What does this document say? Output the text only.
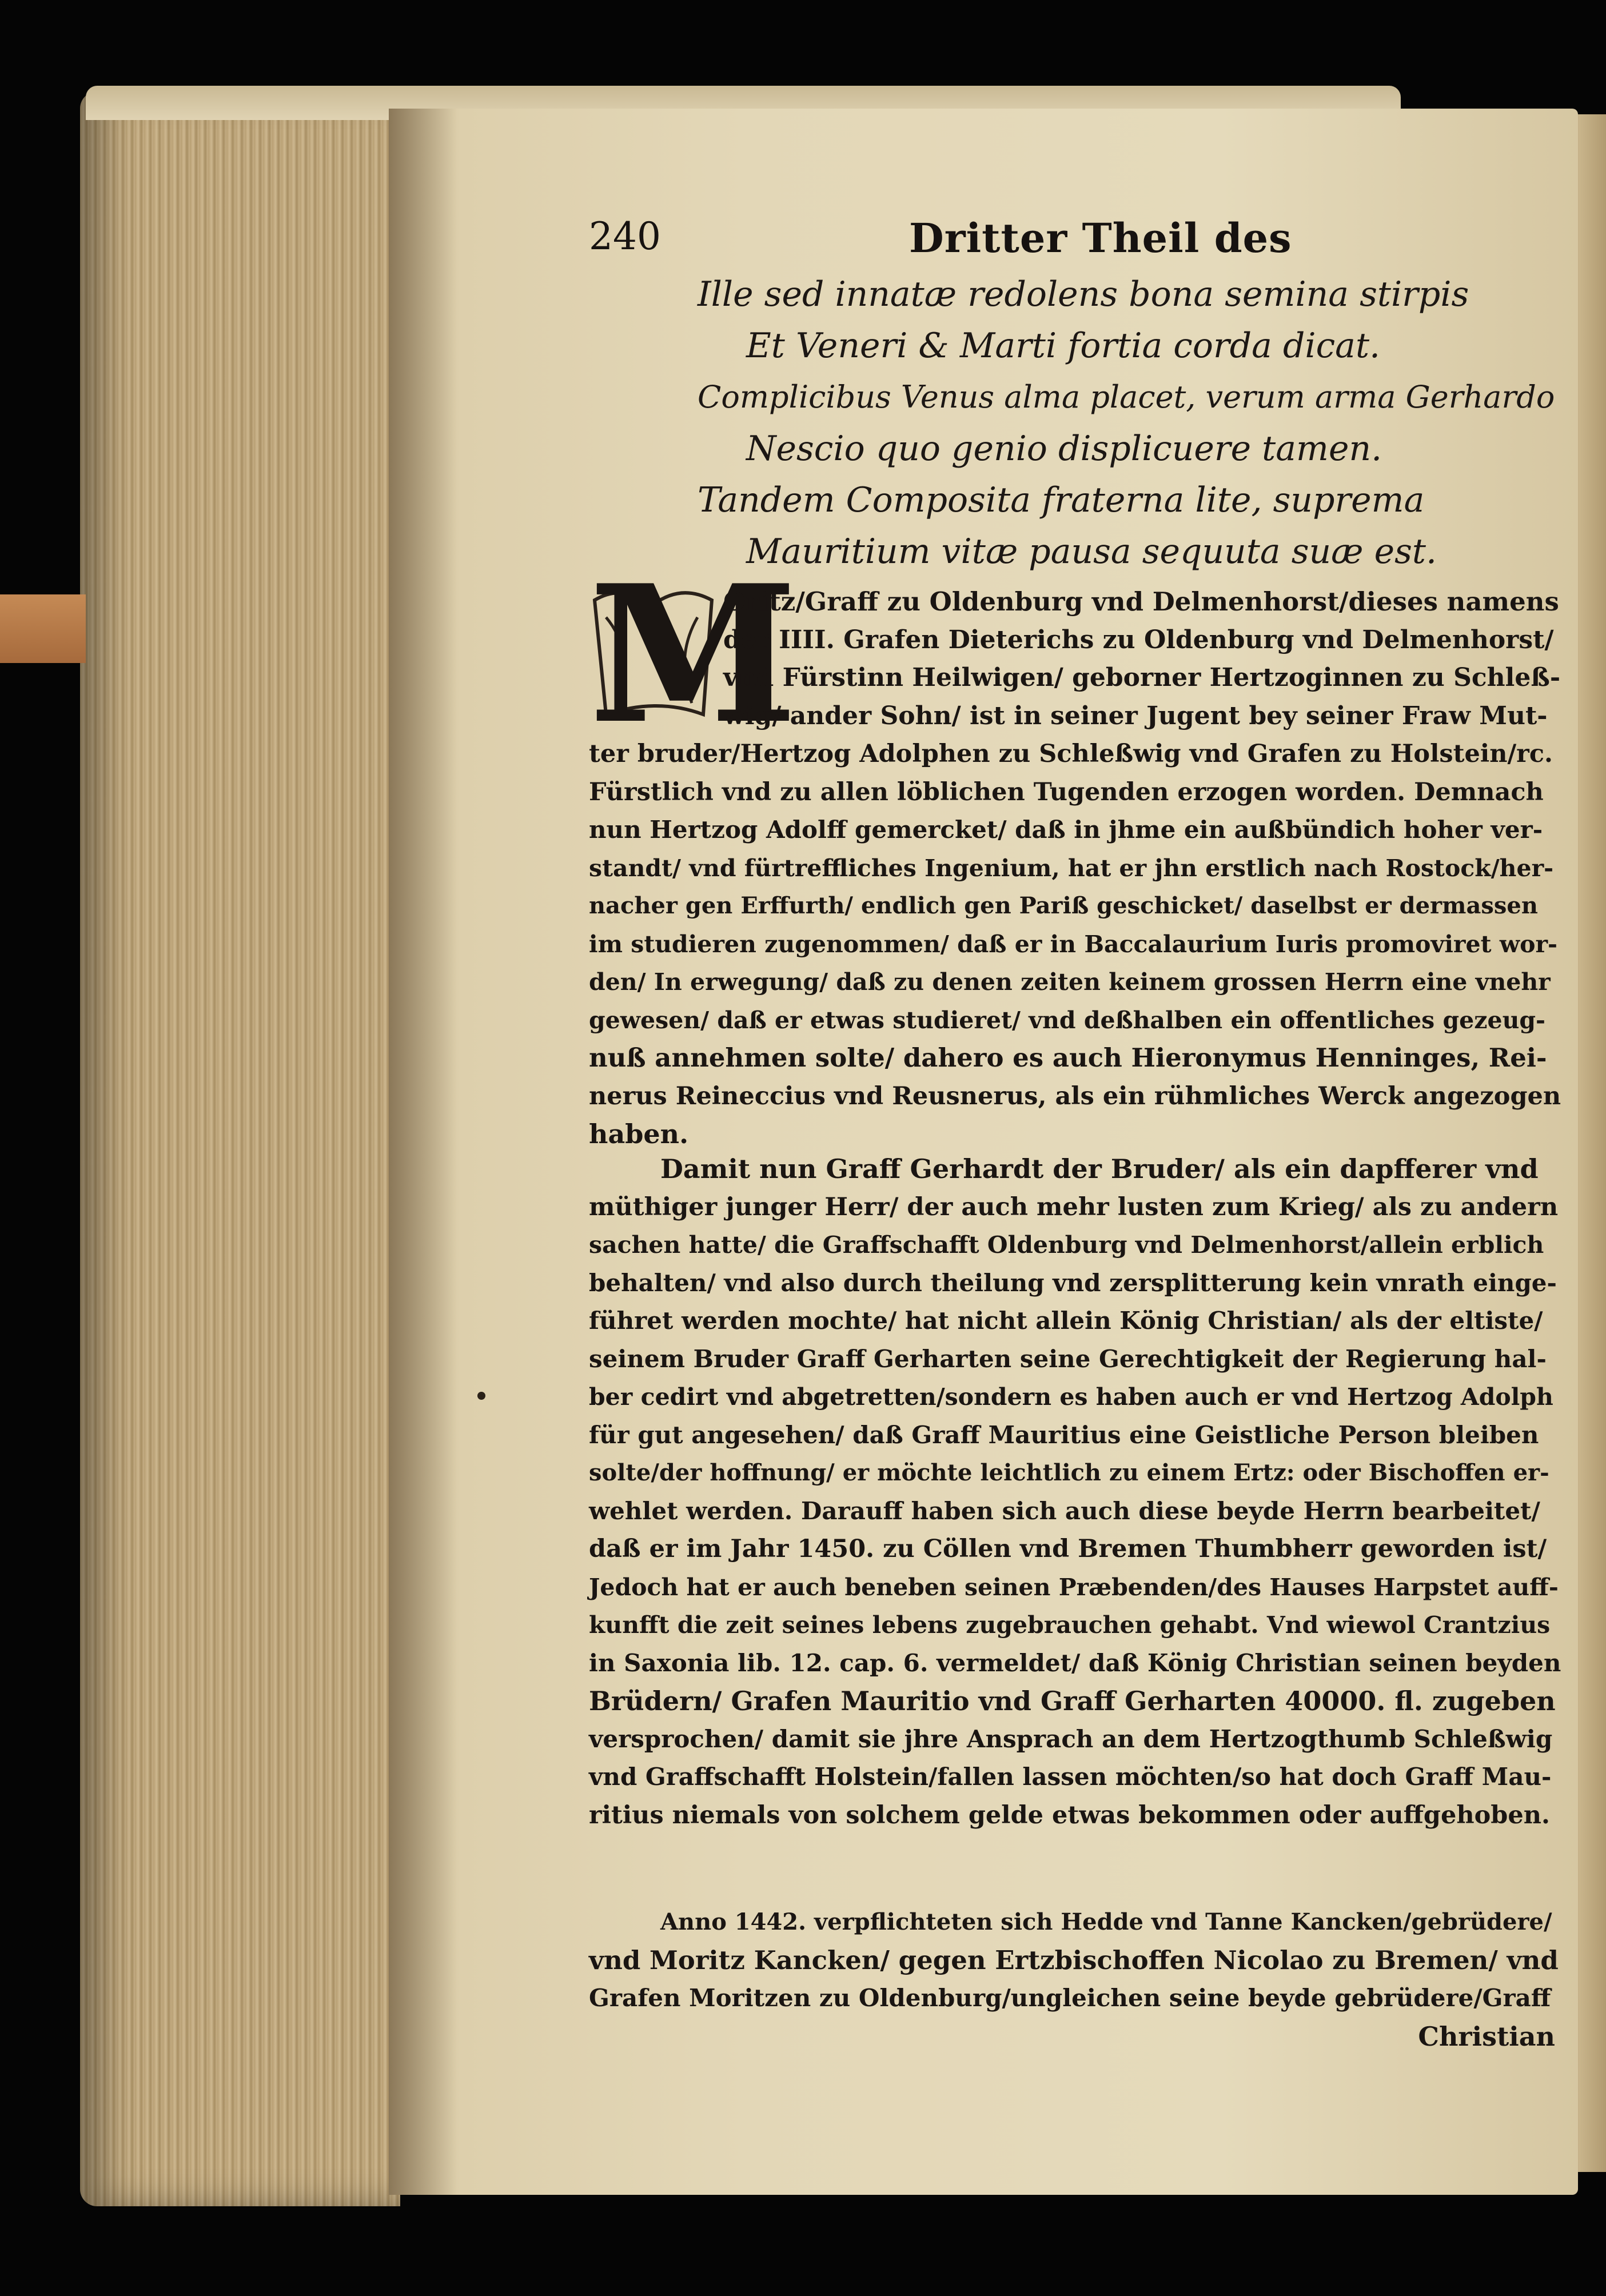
240	Dritter Theil des
Ille sed innatæ redolens bona semina stirpis
Et Veneri & Marti fortia corda dicat.
Complicibus Venus alma placet, verum arma Gerhardo
Nescio quo genio displicuere tamen.
Tandem Composita fraterna lite, suprema
Mauritium vitæ pausa sequuta suæ est.
M
Oritz/Graff zu Oldenburg vnd Delmenhorst/dieses namens
der IIII. Grafen Dieterichs zu Oldenburg vnd Delmenhorst/
vnd Fürstinn Heilwigen/ geborner Hertzoginnen zu Schleß-
wig/ ander Sohn/ ist in seiner Jugent bey seiner Fraw Mut-
ter bruder/Hertzog Adolphen zu Schleßwig vnd Grafen zu Holstein/rc.
Fürstlich vnd zu allen löblichen Tugenden erzogen worden. Demnach
nun Hertzog Adolff gemercket/ daß in jhme ein außbündich hoher ver-
standt/ vnd fürtreffliches Ingenium, hat er jhn erstlich nach Rostock/her-
nacher gen Erffurth/ endlich gen Pariß geschicket/ daselbst er dermassen
im studieren zugenommen/ daß er in Baccalaurium Iuris promoviret wor-
den/ In erwegung/ daß zu denen zeiten keinem grossen Herrn eine vnehr
gewesen/ daß er etwas studieret/ vnd deßhalben ein offentliches gezeug-
nuß annehmen solte/ dahero es auch Hieronymus Henninges, Rei-
nerus Reineccius vnd Reusnerus, als ein rühmliches Werck angezogen
haben.
Damit nun Graff Gerhardt der Bruder/ als ein dapfferer vnd
müthiger junger Herr/ der auch mehr lusten zum Krieg/ als zu andern
sachen hatte/ die Graffschafft Oldenburg vnd Delmenhorst/allein erblich
behalten/ vnd also durch theilung vnd zersplitterung kein vnrath einge-
führet werden mochte/ hat nicht allein König Christian/ als der eltiste/
seinem Bruder Graff Gerharten seine Gerechtigkeit der Regierung hal-
ber cedirt vnd abgetretten/sondern es haben auch er vnd Hertzog Adolph
für gut angesehen/ daß Graff Mauritius eine Geistliche Person bleiben
solte/der hoffnung/ er möchte leichtlich zu einem Ertz: oder Bischoffen er-
wehlet werden. Darauff haben sich auch diese beyde Herrn bearbeitet/
daß er im Jahr 1450. zu Cöllen vnd Bremen Thumbherr geworden ist/
Jedoch hat er auch beneben seinen Præbenden/des Hauses Harpstet auff-
kunfft die zeit seines lebens zugebrauchen gehabt. Vnd wiewol Crantzius
in Saxonia lib. 12. cap. 6. vermeldet/ daß König Christian seinen beyden
Brüdern/ Grafen Mauritio vnd Graff Gerharten 40000. fl. zugeben
versprochen/ damit sie jhre Ansprach an dem Hertzogthumb Schleßwig
vnd Graffschafft Holstein/fallen lassen möchten/so hat doch Graff Mau-
ritius niemals von solchem gelde etwas bekommen oder auffgehoben.
Anno 1442. verpflichteten sich Hedde vnd Tanne Kancken/gebrüdere/
vnd Moritz Kancken/ gegen Ertzbischoffen Nicolao zu Bremen/ vnd
Grafen Moritzen zu Oldenburg/ungleichen seine beyde gebrüdere/Graff
Christian
